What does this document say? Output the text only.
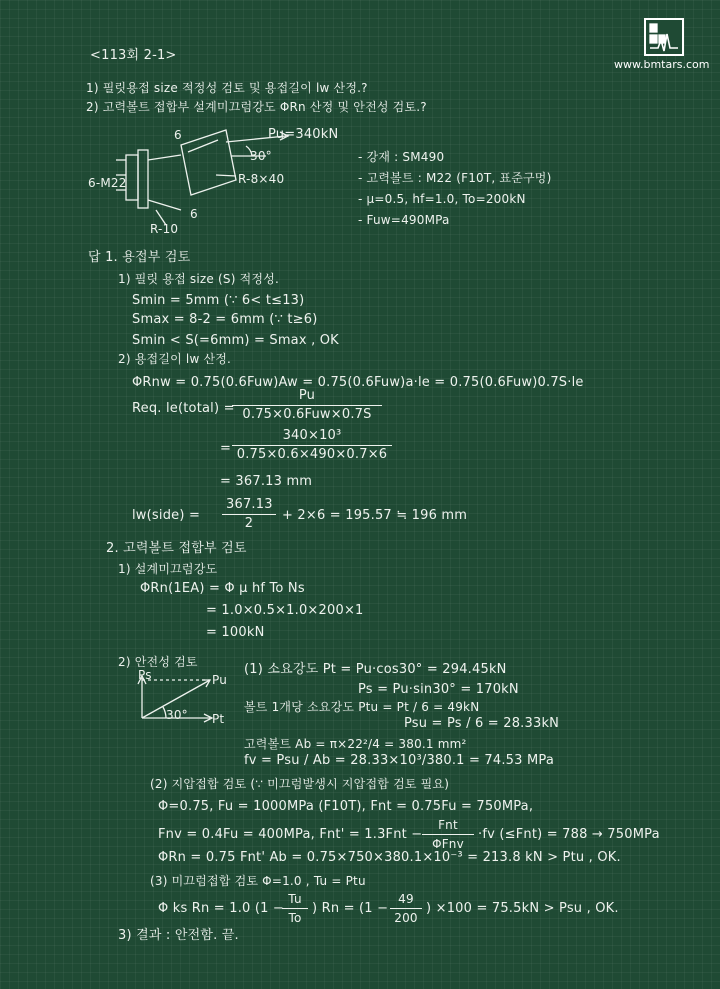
www.bmtars.com
<113회 2-1>
1) 필릿용접 size 적정성 검토 및 용접길이 lw 산정.?
2) 고력볼트 접합부 설계미끄럼강도 ΦRn 산정 및 안전성 검토.?
6-M22
6
6
Pu=340kN
30°
R-8×40
R-10
- 강재 : SM490
- 고력볼트 : M22 (F10T, 표준구멍)
- μ=0.5, hf=1.0, To=200kN
- Fuw=490MPa
답 1. 용접부 검토
1) 필릿 용접 size (S) 적정성.
Smin = 5mm (∵ 6< t≤13)
Smax = 8-2 = 6mm (∵ t≥6)
Smin < S(=6mm) = Smax , OK
2) 용접길이 lw 산정.
ΦRnw = 0.75(0.6Fuw)Aw = 0.75(0.6Fuw)a·le = 0.75(0.6Fuw)0.7S·le
Req. le(total) =
Pu
0.75×0.6Fuw×0.7S
= $\frac{\text{340×10³}}{0.75\times 0.6\times 490\times 0.7\times 6}$
= 367.13 mm
lw(side) = $\frac{367.13}{2} + 2\times 6 = 195.57$ ≒ 196 mm
2. 고력볼트 접합부 검토
1) 설계미끄럼강도
ΦRn(1EA) = Φ μ hf To Ns
= 1.0×0.5×1.0×200×1
= 100kN
2) 안전성 검토
Ps	Pu
Pt
30°
(1) 소요강도 Pt = Pu·cos30° = 294.45kN
Ps = Pu·sin30° = 170kN
볼트 1개당 소요강도 Ptu = Pt / 6 = 49kN
Psu = Ps / 6 = 28.33kN
고력볼트 Ab = π×22²/4 = 380.1 mm²
fv = Psu / Ab = 28.33×10³/380.1 = 74.53 MPa
(2) 지압접합 검토 (∵ 미끄럼발생시 지압접합 검토 필요)
Φ=0.75, Fu = 1000MPa (F10T), Fnt = 0.75Fu = 750MPa,
Fnv = 0.4Fu = 400MPa, Fnt' = 1.3Fnt −
Fnt
ΦFnv
·fv (≤Fnt) = 788 → 750MPa
ΦRn = 0.75 Fnt' Ab = 0.75×750×380.1×10⁻³ = 213.8 kN > Ptu , OK.
(3) 미끄럼접합 검토 Φ=1.0 , Tu = Ptu
Φ ks Rn = 1.0 (1 −
$\frac{Tu}{To}$ ) $Rn = (1 - \frac{49}{200}$ ) ×100 = 75.5kN > Psu , OK.
3) 결과 : 안전함. 끝.
